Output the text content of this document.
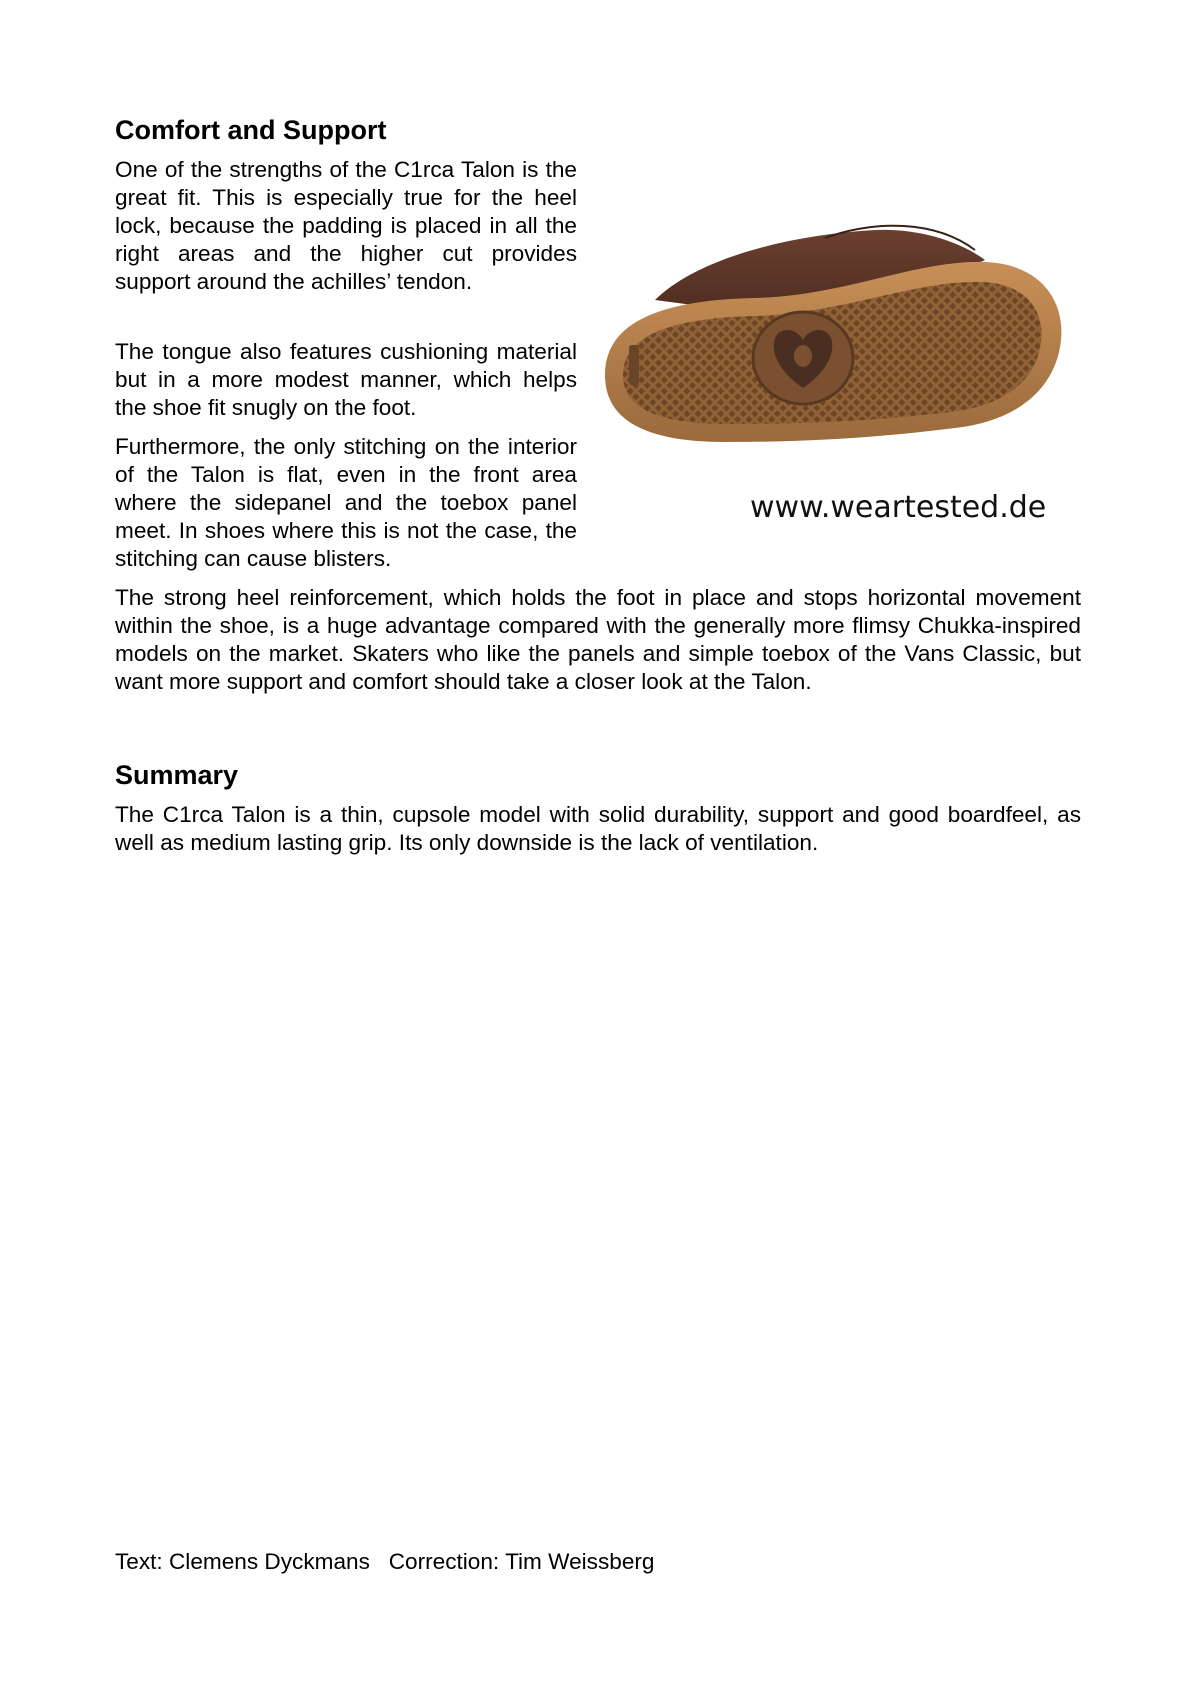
Comfort and Support

One of the strengths of the C1rca Talon is the great fit. This is especially true for the heel lock, because the padding is placed in all the right areas and the higher cut provides support around the achilles’ tendon.

The tongue also features cushioning material but in a more modest manner, which helps the shoe fit snugly on the foot.

Furthermore, the only stitching on the interior of the Talon is flat, even in the front area where the sidepanel and the toebox panel meet. In shoes where this is not the case, the stitching can cause blisters.

The strong heel reinforcement, which holds the foot in place and stops horizontal movement within the shoe, is a huge advantage compared with the generally more flimsy Chukka-inspired models on the market. Skaters who like the panels and simple toebox of the Vans Classic, but want more support and comfort should take a closer look at the Talon.

www.weartested.de
Summary

The C1rca Talon is a thin, cupsole model with solid durability, support and good boardfeel, as well as medium lasting grip. Its only downside is the lack of ventilation.

Text: Clemens Dyckmans   Correction: Tim Weissberg
